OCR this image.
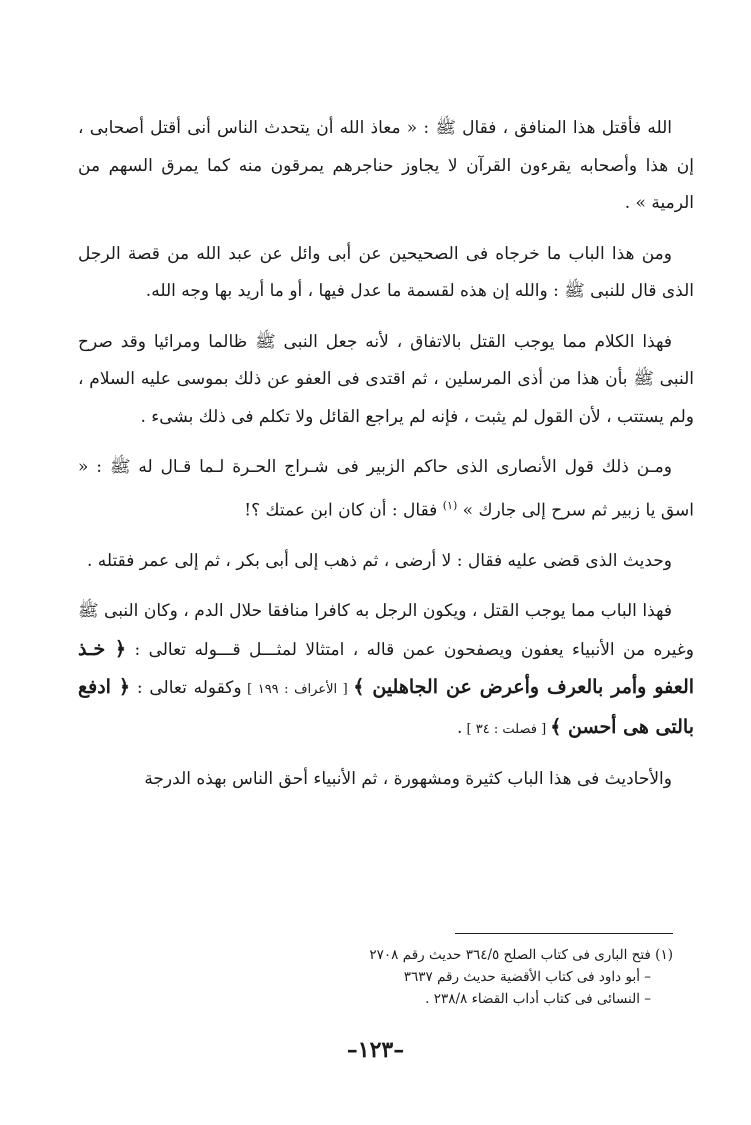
الله فأقتل هذا المنافق ، فقال ﷺ : « معاذ الله أن يتحدث الناس أنى أقتل أصحابى ، إن هذا وأصحابه يقرءون القرآن لا يجاوز حناجرهم يمرقون منه كما يمرق السهم من الرمية » .

ومن هذا الباب ما خرجاه فى الصحيحين عن أبى وائل عن عبد الله من قصة الرجل الذى قال للنبى ﷺ : والله إن هذه لقسمة ما عدل فيها ، أو ما أريد بها وجه الله.

فهذا الكلام مما يوجب القتل بالاتفاق ، لأنه جعل النبى ﷺ ظالما ومرائيا وقد صرح النبى ﷺ بأن هذا من أذى المرسلين ، ثم اقتدى فى العفو عن ذلك بموسى عليه السلام ، ولم يستتب ، لأن القول لم يثبت ، فإنه لم يراجع القائل ولا تكلم فى ذلك بشىء .

ومـن ذلك قول الأنصارى الذى حاكم الزبير فى شـراج الحـرة لـما قـال له ﷺ : « اسق يا زبير ثم سرح إلى جارك » $^{(١)}$ فقال : أن كان ابن عمتك ؟!

وحديث الذى قضى عليه فقال : لا أرضى ، ثم ذهب إلى أبى بكر ، ثم إلى عمر فقتله .

فهذا الباب مما يوجب القتل ، ويكون الرجل به كافرا منافقا حلال الدم ، وكان النبى ﷺ وغيره من الأنبياء يعفون ويصفحون عمن قاله ، امتثالا لمثـــل قـــوله تعالى : ﴿ خـذ العفو وأمر بالعرف وأعرض عن الجاهلين ﴾ [ الأعراف : ١٩٩ ] وكقوله تعالى : ﴿ ادفع بالتى هى أحسن ﴾ [ فصلت : ٣٤ ] .

والأحاديث فى هذا الباب كثيرة ومشهورة ، ثم الأنبياء أحق الناس بهذه الدرجة

(١) فتح البارى فى كتاب الصلح ٣٦٤/٥ حديث رقم ٢٧٠٨

– أبو داود فى كتاب الأقضية حديث رقم ٣٦٣٧

– النسائى فى كتاب أداب القضاء ٢٣٨/٨ .

–١٢٣–
